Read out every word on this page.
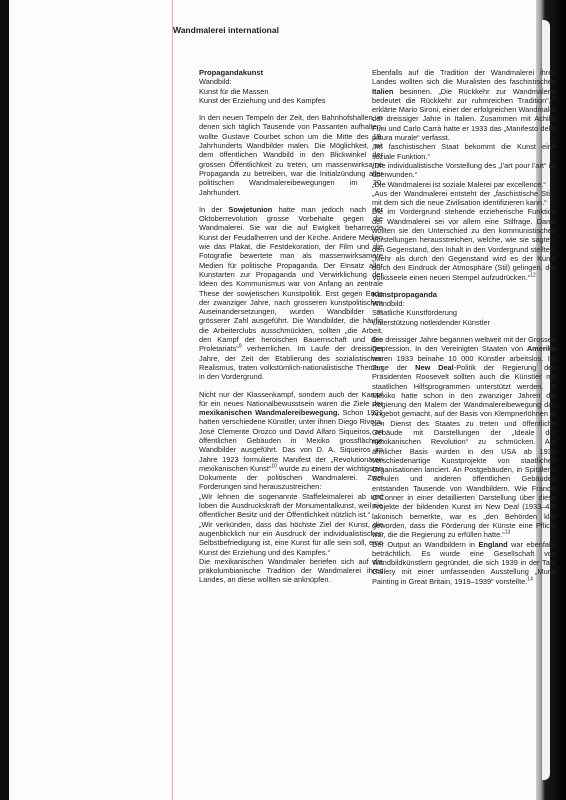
Wandmalerei international

Propagandakunst
Wandbild:
Kunst für die Massen
Kunst der Erziehung und des Kampfes

In den neuen Tempeln der Zeit, den Bahnhofshallen, in denen sich täglich Tausende von Passanten aufhalten, wollte Gustave Courbet schon um die Mitte des 19. Jahrhunderts Wandbilder malen. Die Möglichkeit, mit dem öffentlichen Wandbild in den Blickwinkel der grossen Öffentlichkeit zu treten, um massenwirksame Propaganda zu betreiben, war die Initialzündung aller politischen Wandmalereibewegungen im 20. Jahrhundert.

In der Sowjetunion hatte man jedoch nach der Oktoberrevolution grosse Vorbehalte gegen die Wandmalerei. Sie war die auf Ewigkeit beharrende Kunst der Feudalherren und der Kirche. Andere Medien wie das Plakat, die Festdekoration, der Film und die Fotografie bewertete man als massenwirksamere Medien für politische Propaganda. Der Einsatz aller Kunstarten zur Propaganda und Verwirklichung der Ideen des Kommunismus war von Anfang an zentrale These der sowjetischen Kunstpolitik. Erst gegen Ende der zwanziger Jahre, nach grosseren kunstpolitischen Auseinandersetzungen, wurden Wandbilder in grösserer Zahl ausgeführt. Die Wandbilder, die häufig die Arbeiterclubs ausschmückten, sollten „die Arbeit, den Kampf der heroischen Bauernschaft und des Proletariats“$^9$ verherrlichen. Im Laufe der dreissiger Jahre, der Zeit der Etablierung des sozialistischen Realismus, traten volkstümlich-nationalistische Themen in den Vordergrund.

Nicht nur der Klassenkampf, sondern auch der Kampf für ein neues Nationalbewusstsein waren die Ziele der mexikanischen Wandmalereibewegung. Schon 1921 hatten verschiedene Künstler, unter ihnen Diego Rivera, José Clemente Orozco und David Alfaro Siqueiros, an öffentlichen Gebäuden in Mexiko grossflächige Wandbilder ausgeführt. Das von D. A. Siqueiros im Jahre 1923 formulierte Manifest der „Revolutionären mexikanischen Kunst“$^{10}$ wurde zu einem der wichtigsten Dokumente der politischen Wandmalerei. Zwei Forderungen sind herauszustreichen:

„Wir lehnen die sogenannte Staffeleimalerei ab und loben die Ausdruckskraft der Monumentalkunst, weil sie öffentlicher Besitz und der Öffentlichkeit nützlich ist.“

„Wir verkünden, dass das höchste Ziel der Kunst, die augenblicklich nur ein Ausdruck der individualistischen Selbstbefriedigung ist, eine Kunst für alle sein soll, eine Kunst der Erziehung und des Kampfes.“

Die mexikanischen Wandmaler beriefen sich auf die präkolumbianische Tradition der Wandmalerei ihres Landes, an diese wollten sie anknüpfen.

Ebenfalls auf die Tradition der Wandmalerei ihres Landes wollten sich die Muralisten des faschistischen Italien besinnen. „Die Rückkehr zur Wandmalerei bedeutet die Rückkehr zur ruhmreichen Tradition“,$^{11}$ erklärte Mario Sironi, einer der erfolgreichen Wandmaler der dreissiger Jahre in Italien. Zusammen mit Achille Funi und Carlo Carrà hatte er 1933 das „Manifesto della pittura murale“ verfasst.

„Im faschistischen Staat bekommt die Kunst eine soziale Funktion.“

„Die individualistische Vorstellung des „l’art pour l’art“ ist überwunden.“

„Die Wandmalerei ist soziale Malerei par excellence.“

„Aus der Wandmalerei entsteht der „faschistische Stil“, mit dem sich die neue Zivilisation identifizieren kann.“

Die im Vordergrund stehende erzieherische Funktion der Wandmalerei sei vor allem eine Stilfrage. Damit wollten sie den Unterschied zu den kommunistischen Vorstellungen herausstreichen, welche, wie sie sagten, den Gegenstand, den Inhalt in den Vordergrund stellten. „Mehr als durch den Gegenstand wird es der Kunst durch den Eindruck der Atmosphäre (Stil) gelingen, der Volksseele einen neuen Stempel aufzudrücken.“$^{12}$

Kunstpropaganda
Wandbild:
Staatliche Kunstförderung
Unterstützung notleidender Künstler

Die dreissiger Jahre begannen weltweit mit der Grossen Depression. In den Vereinigten Staaten von Amerika waren 1933 beinahe 10 000 Künstler arbeitslos. Im Zuge der New Deal-Politik der Regierung des Präsidenten Roosevelt sollten auch die Künstler mit staatlichen Hilfsprogrammen unterstützt werden. In Mexiko hatte schon in den zwanziger Jahren die Regierung den Malern der Wandmalereibewegung das Angebot gemacht, auf der Basis von Klempnerlöhnen in den Dienst des Staates zu treten und öffentliche Gebäude mit Darstellungen der „Ideale der mexikanischen Revolution“ zu schmücken. Auf ähnlicher Basis wurden in den USA ab 1933 verschiedenartige Kunstprojekte von staatlichen Organisationen lanciert. An Postgebäuden, in Spitälern, Schulen und anderen öffentlichen Gebäuden entstanden Tausende von Wandbildern. Wie Francis O’Conner in einer detaillierten Darstellung über diese Projekte der bildenden Kunst im New Deal (1933–43) lakonisch bemerkte, war es „den Behörden klar geworden, dass die Förderung der Künste eine Pflicht war, die die Regierung zu erfüllen hatte.“$^{13}$

Der Output an Wandbildern in England war ebenfalls beträchtlich. Es wurde eine Gesellschaft von Wandbildkünstlern gegründet, die sich 1939 in der Tate Gallery mit einer umfassenden Ausstellung „Mural Painting in Great Britain, 1919–1939“ vorstellte.$^{14}$
